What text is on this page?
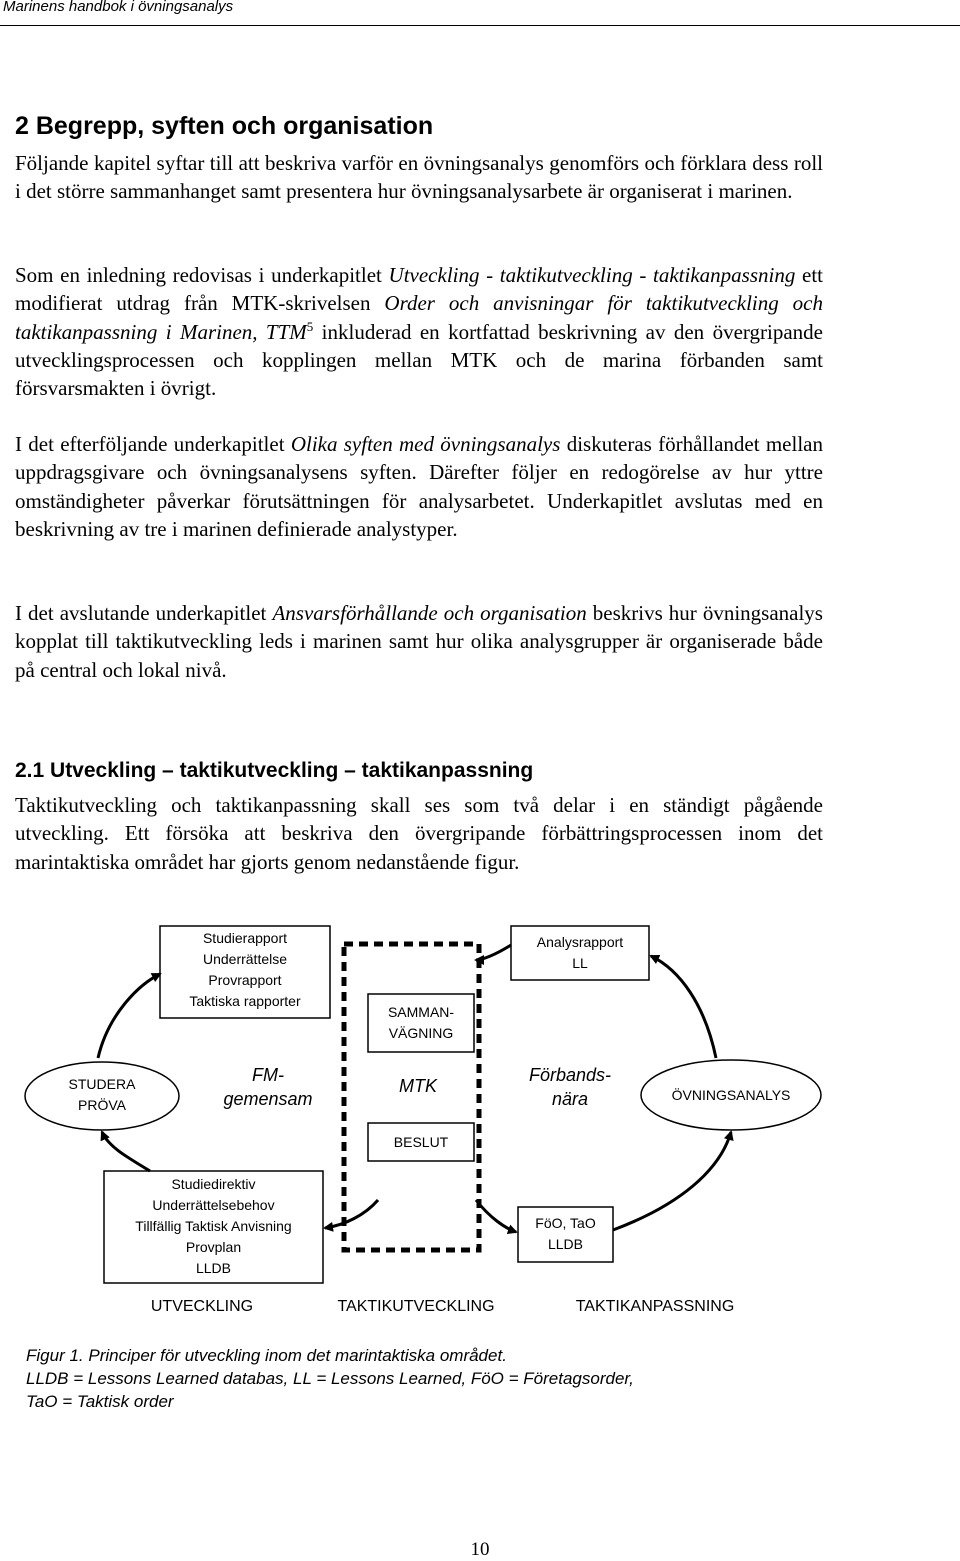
Marinens handbok i övningsanalys
2 Begrepp, syften och organisation

Följande kapitel syftar till att beskriva varför en övningsanalys genomförs och förklara dess roll i det större sammanhanget samt presentera hur övningsanalysarbete är organiserat i marinen.

Som en inledning redovisas i underkapitlet Utveckling - taktikutveckling - taktikanpassning ett modifierat utdrag från MTK-skrivelsen Order och anvisningar för taktikutveckling och taktikanpassning i Marinen, TTM$^5$ inkluderad en kortfattad beskrivning av den övergripande utvecklingsprocessen och kopplingen mellan MTK och de marina förbanden samt försvarsmakten i övrigt.

I det efterföljande underkapitlet Olika syften med övningsanalys diskuteras förhållandet mellan uppdragsgivare och övningsanalysens syften. Därefter följer en redogörelse av hur yttre omständigheter påverkar förutsättningen för analysarbetet. Underkapitlet avslutas med en beskrivning av tre i marinen definierade analystyper.

I det avslutande underkapitlet Ansvarsförhållande och organisation beskrivs hur övningsanalys kopplat till taktikutveckling leds i marinen samt hur olika analysgrupper är organiserade både på central och lokal nivå.

2.1 Utveckling – taktikutveckling – taktikanpassning

Taktikutveckling och taktikanpassning skall ses som två delar i en ständigt pågående utveckling. Ett försöka att beskriva den övergripande förbättringsprocessen inom det marintaktiska området har gjorts genom nedanstående figur.

Studierapport
Underrättelse
Provrapport
Taktiska rapporter
Analysrapport
LL
SAMMAN-
VÄGNING
STUDERA
PRÖVA
FM-
gemensam
MTK
Förbands-
nära	ÖVNINGSANALYS
BESLUT
Studiedirektiv
Underrättelsebehov
Tillfällig Taktisk Anvisning
Provplan
LLDB
FöO, TaO
LLDB
UTVECKLING	TAKTIKUTVECKLING	TAKTIKANPASSNING
Figur 1. Principer för utveckling inom det marintaktiska området.
LLDB = Lessons Learned databas, LL = Lessons Learned, FöO = Företagsorder,
TaO = Taktisk order
10
